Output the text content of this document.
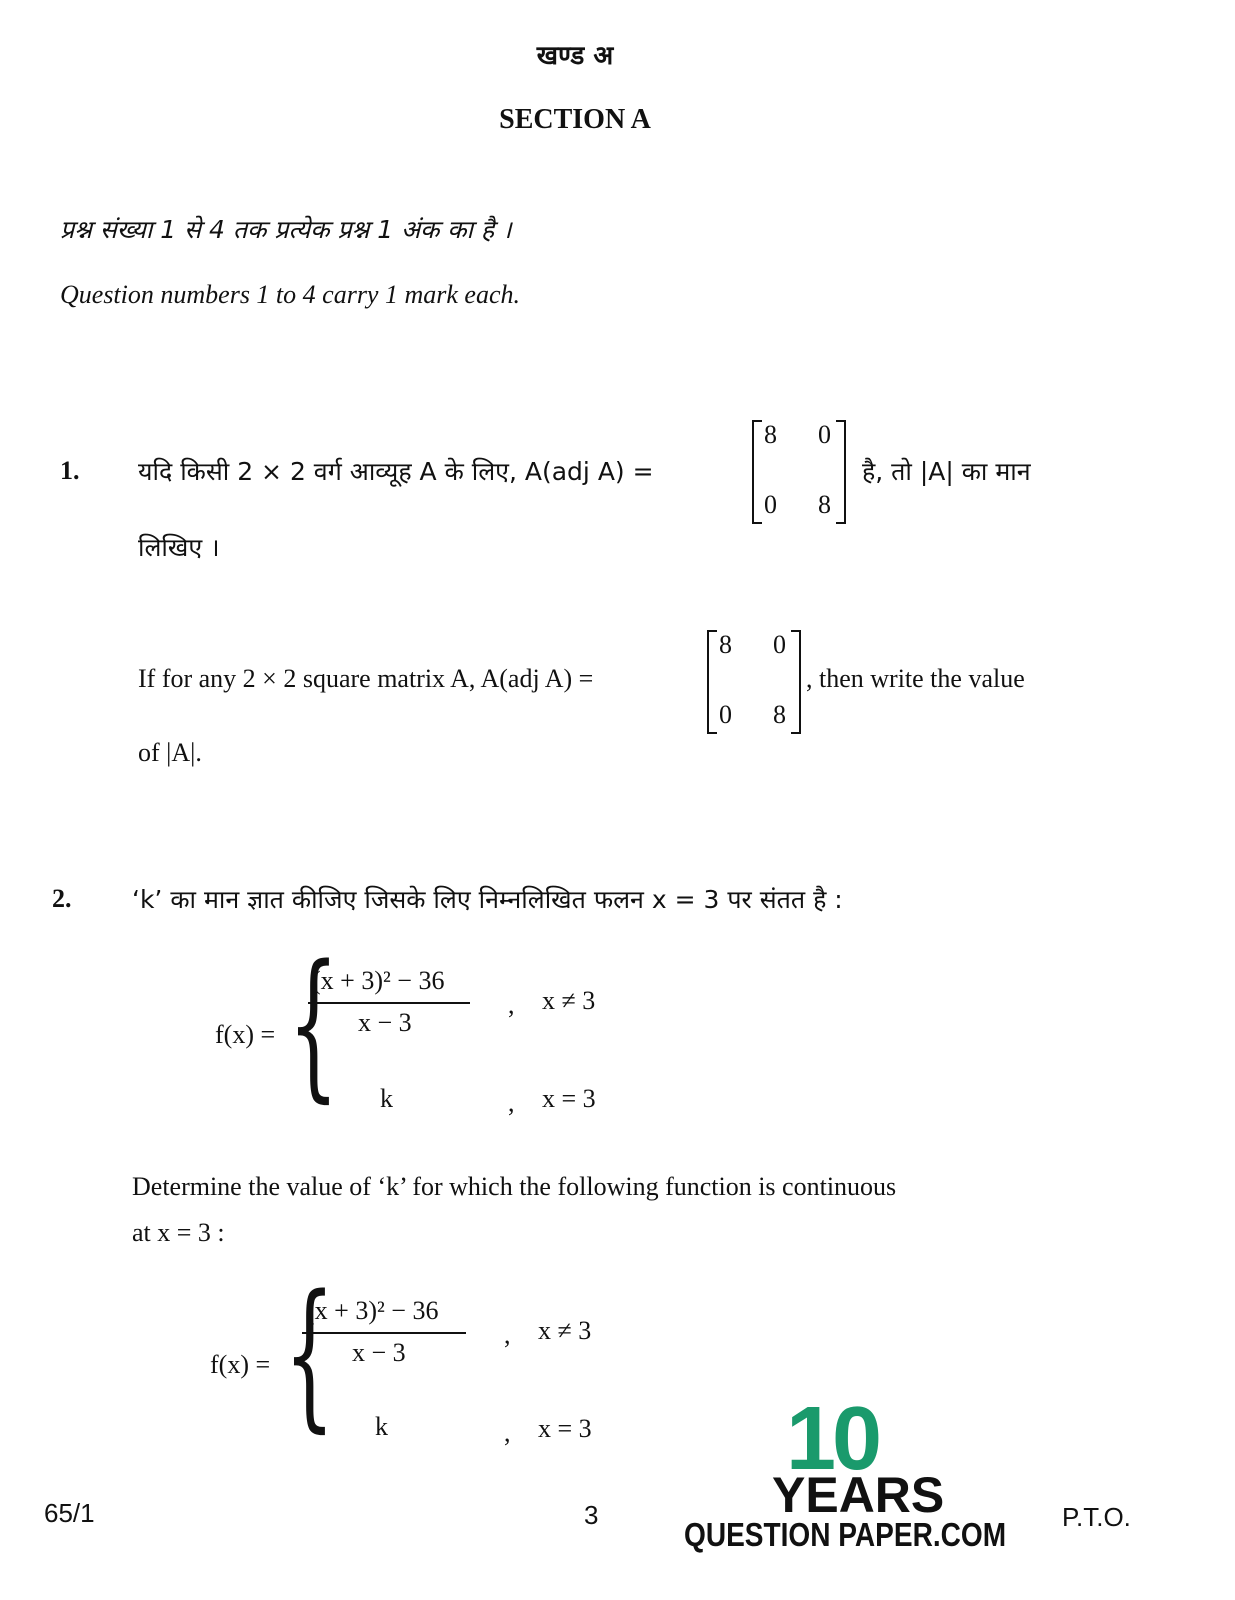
खण्ड अ
SECTION A
प्रश्न संख्या 1 से 4 तक प्रत्येक प्रश्न 1 अंक का है ।
Question numbers 1 to 4 carry 1 mark each.
1. यदि किसी 2 × 2 वर्ग आव्यूह A के लिए, A(adj A) =
8 0
0 8
है, तो |A| का मान
लिखिए ।
If for any 2 × 2 square matrix A, A(adj A) =
8 0
0 8
, then write the value
of |A|.
2. ‘k’ का मान ज्ञात कीजिए जिसके लिए निम्नलिखित फलन x = 3 पर संतत है :
f(x) = {
(x + 3)² − 36
x − 3
, x ≠ 3
k	, x = 3
Determine the value of ‘k’ for which the following function is continuous
at x = 3 :
f(x) = {
(x + 3)² − 36
x − 3
, x ≠ 3
k	, x = 3
65/1	3	P.T.O.
10
YEARS
QUESTION PAPER.COM
